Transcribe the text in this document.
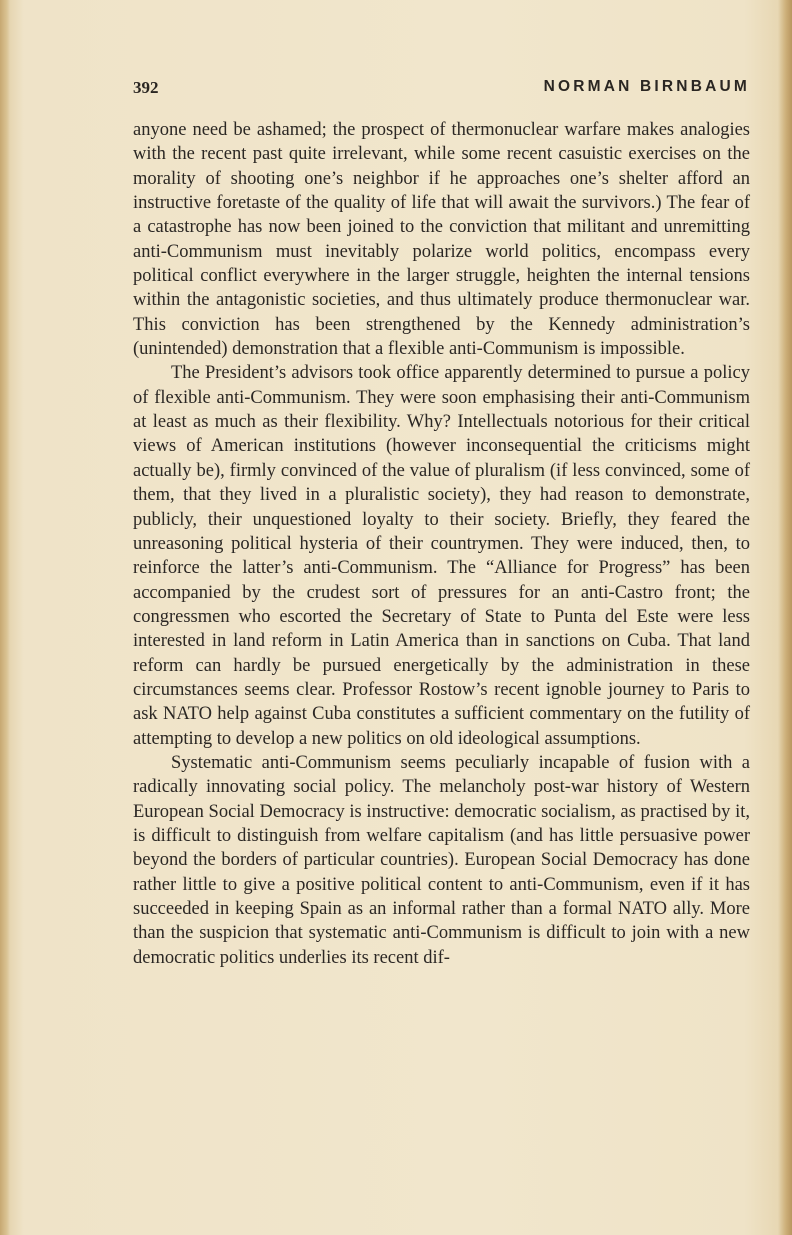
392	NORMAN BIRNBAUM

anyone need be ashamed; the prospect of thermonuclear warfare makes analogies with the recent past quite irrelevant, while some recent casuistic exercises on the morality of shooting one’s neighbor if he approaches one’s shelter afford an instructive foretaste of the quality of life that will await the survivors.) The fear of a catastrophe has now been joined to the conviction that militant and unremitting anti-Communism must inevitably polarize world politics, encompass every political conflict everywhere in the larger struggle, heighten the internal tensions within the antagonistic societies, and thus ultimately produce thermonuclear war. This conviction has been strengthened by the Kennedy administration’s (unintended) demonstration that a flexible anti-Communism is impossible.

The President’s advisors took office apparently determined to pursue a policy of flexible anti-Communism. They were soon emphasising their anti-Communism at least as much as their flexibility. Why? Intellectuals notorious for their critical views of American institutions (however inconsequential the criticisms might actually be), firmly convinced of the value of pluralism (if less convinced, some of them, that they lived in a pluralistic society), they had reason to demonstrate, publicly, their unquestioned loyalty to their society. Briefly, they feared the unreasoning political hysteria of their countrymen. They were induced, then, to reinforce the latter’s anti-Communism. The “Alliance for Progress” has been accompanied by the crudest sort of pressures for an anti-Castro front; the congressmen who escorted the Secretary of State to Punta del Este were less interested in land reform in Latin America than in sanctions on Cuba. That land reform can hardly be pursued energetically by the administration in these circumstances seems clear. Professor Rostow’s recent ignoble journey to Paris to ask NATO help against Cuba constitutes a sufficient commentary on the futility of attempting to develop a new politics on old ideological assumptions.

Systematic anti-Communism seems peculiarly incapable of fusion with a radically innovating social policy. The melancholy post-war history of Western European Social Democracy is instructive: democratic socialism, as practised by it, is difficult to distinguish from welfare capitalism (and has little persuasive power beyond the borders of particular countries). European Social Democracy has done rather little to give a positive political content to anti-Communism, even if it has succeeded in keeping Spain as an informal rather than a formal NATO ally. More than the suspicion that systematic anti-Communism is difficult to join with a new democratic politics underlies its recent dif-
